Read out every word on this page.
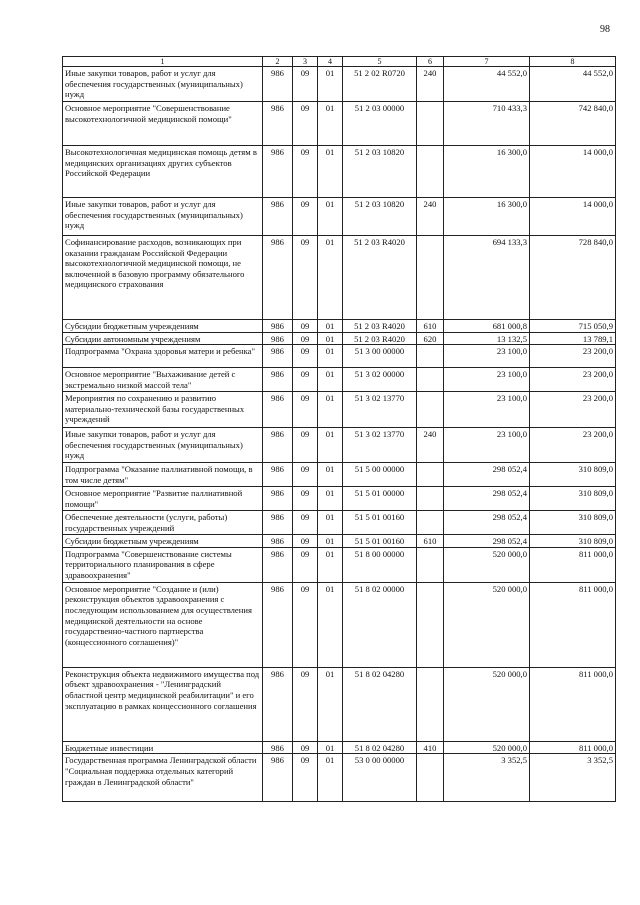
98
1	2	3	4	5	6	7	8
Иные закупки товаров, работ и услуг для обеспечения государственных (муниципальных) нужд	986	09	01	51 2 02 R0720	240	44 552,0	44 552,0
Основное мероприятие "Совершенствование высокотехнологичной медицинской помощи"	986	09	01	51 2 03 00000		710 433,3	742 840,0
Высокотехнологичная медицинская помощь детям в медицинских организациях других субъектов Российской Федерации	986	09	01	51 2 03 10820		16 300,0	14 000,0
Иные закупки товаров, работ и услуг для обеспечения государственных (муниципальных) нужд	986	09	01	51 2 03 10820	240	16 300,0	14 000,0
Софинансирование расходов, возникающих при оказании гражданам Российской Федерации высокотехнологичной медицинской помощи, не включенной в базовую программу обязательного медицинского страхования	986	09	01	51 2 03 R4020		694 133,3	728 840,0
Субсидии бюджетным учреждениям	986	09	01	51 2 03 R4020	610	681 000,8	715 050,9
Субсидии автономным учреждениям	986	09	01	51 2 03 R4020	620	13 132,5	13 789,1
Подпрограмма "Охрана здоровья матери и ребенка"	986	09	01	51 3 00 00000		23 100,0	23 200,0
Основное мероприятие "Выхаживание детей с экстремально низкой массой тела"	986	09	01	51 3 02 00000		23 100,0	23 200,0
Мероприятия по сохранению и развитию материально-технической базы государственных учреждений	986	09	01	51 3 02 13770		23 100,0	23 200,0
Иные закупки товаров, работ и услуг для обеспечения государственных (муниципальных) нужд	986	09	01	51 3 02 13770	240	23 100,0	23 200,0
Подпрограмма "Оказание паллиативной помощи, в том числе детям"	986	09	01	51 5 00 00000		298 052,4	310 809,0
Основное мероприятие "Развитие паллиативной помощи"	986	09	01	51 5 01 00000		298 052,4	310 809,0
Обеспечение деятельности (услуги, работы) государственных учреждений	986	09	01	51 5 01 00160		298 052,4	310 809,0
Субсидии бюджетным учреждениям	986	09	01	51 5 01 00160	610	298 052,4	310 809,0
Подпрограмма "Совершенствование системы территориального планирования в сфере здравоохранения"	986	09	01	51 8 00 00000		520 000,0	811 000,0
Основное мероприятие "Создание и (или) реконструкция объектов здравоохранения с последующим использованием для осуществления медицинской деятельности на основе государственно-частного партнерства (концессионного соглашения)"	986	09	01	51 8 02 00000		520 000,0	811 000,0
Реконструкция объекта недвижимого имущества под объект здравоохранения - "Ленинградский областной центр медицинской реабилитации" и его эксплуатацию в рамках концессионного соглашения	986	09	01	51 8 02 04280		520 000,0	811 000,0
Бюджетные инвестиции	986	09	01	51 8 02 04280	410	520 000,0	811 000,0
Государственная программа Ленинградской области "Социальная поддержка отдельных категорий граждан в Ленинградской области"	986	09	01	53 0 00 00000		3 352,5	3 352,5
